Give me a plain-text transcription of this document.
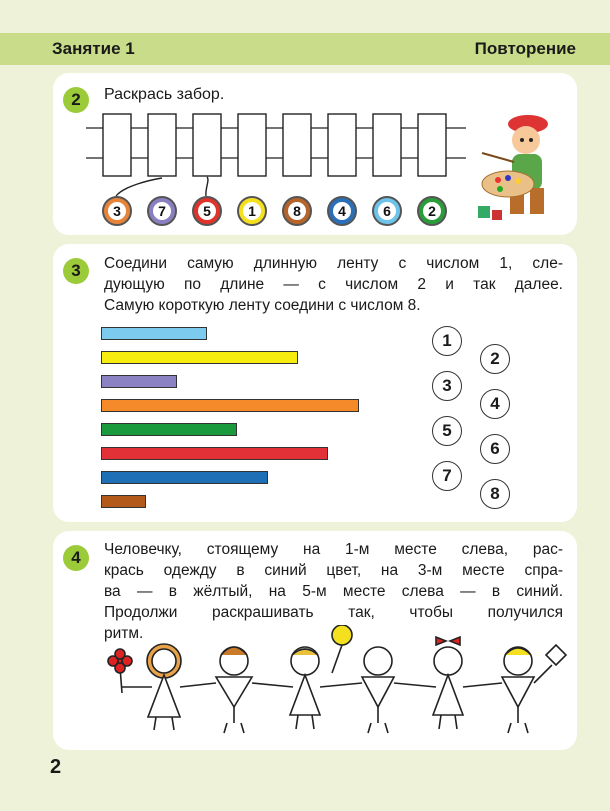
Занятие 1	Повторение
2	Раскрась забор.
3	7	5	1	8	4	6	2
3	Соедини самую длинную ленту с числом 1, сле-
дующую по длине — с числом 2 и так далее.
Самую короткую ленту соедини с числом 8.
1
3
5
7
2
4
6
8
4	Человечку, стоящему на 1-м месте слева, рас-
крась одежду в синий цвет, на 3-м месте спра-
ва — в жёлтый, на 5-м месте слева — в синий.
Продолжи раскрашивать так, чтобы получился
ритм.
2
